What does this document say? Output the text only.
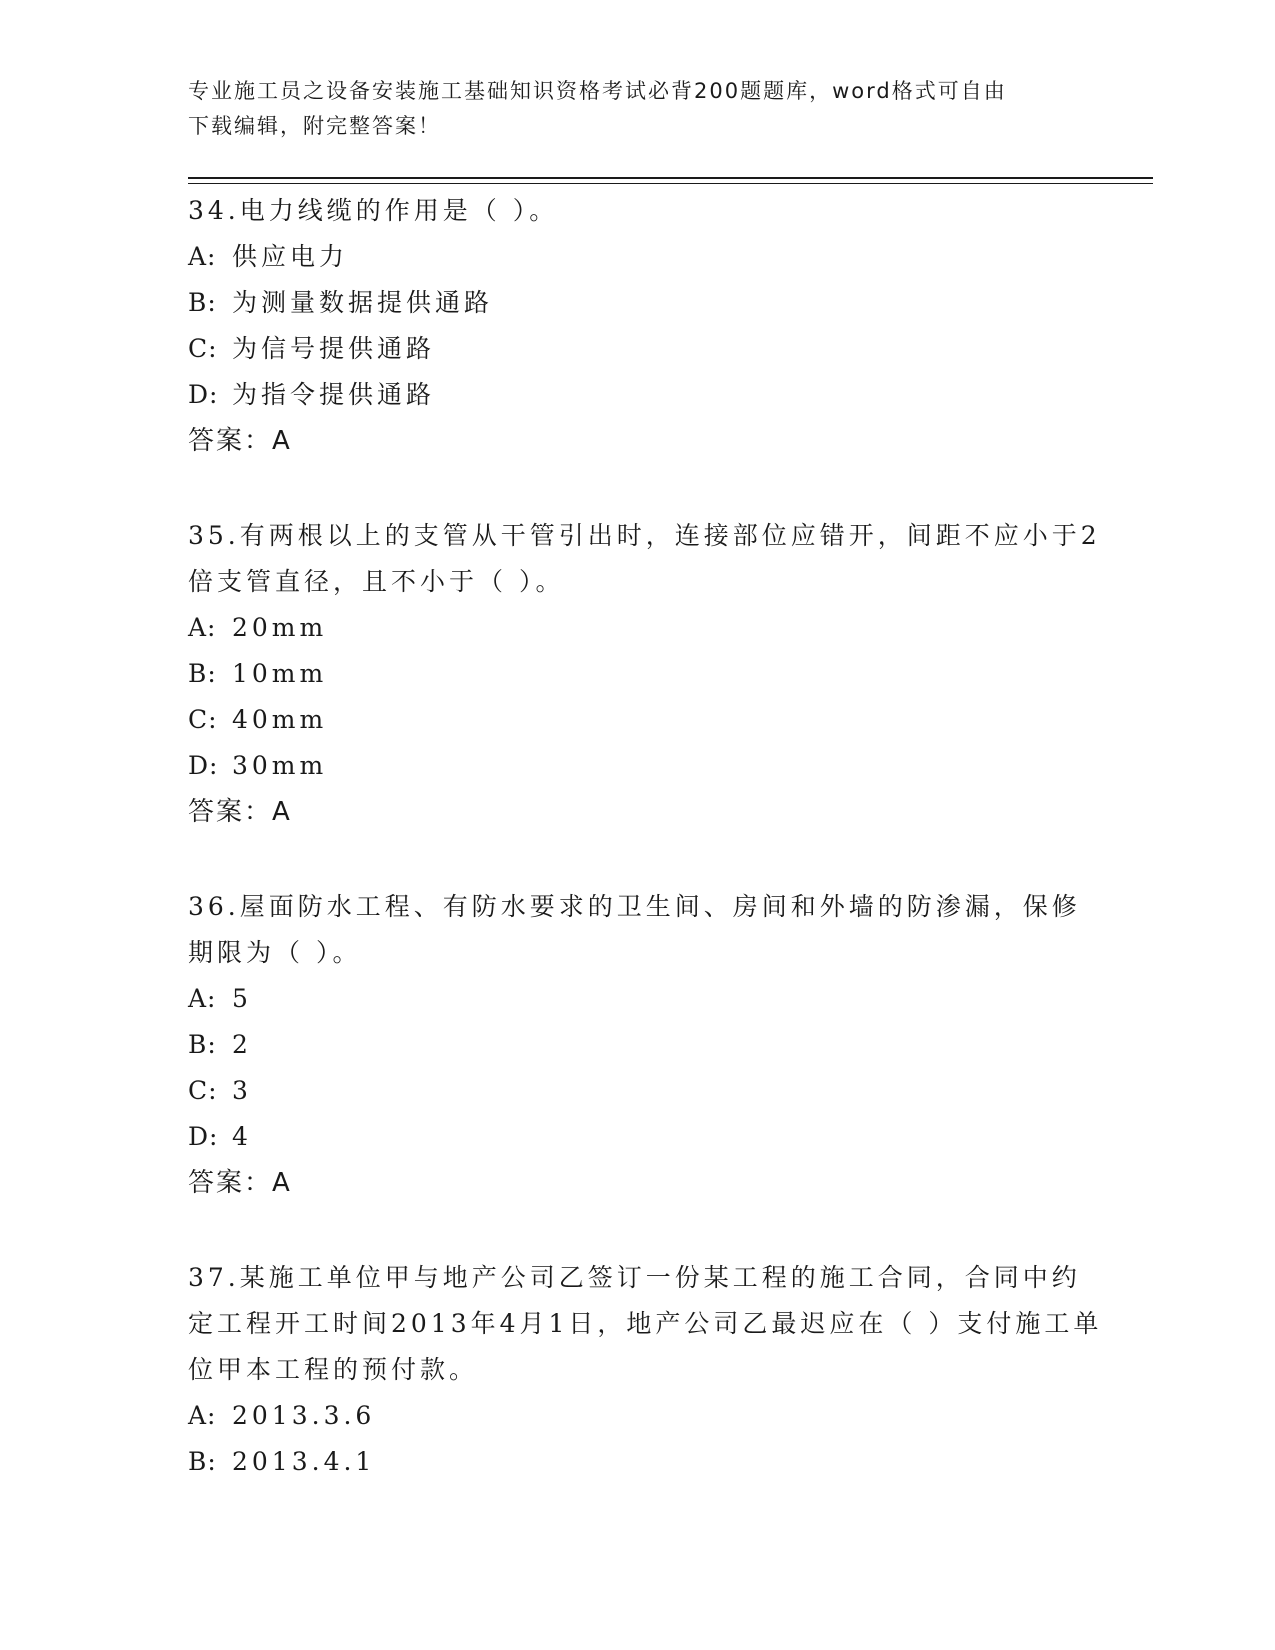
专业施工员之设备安装施工基础知识资格考试必背200题题库，word格式可自由
下载编辑，附完整答案！
34.电力线缆的作用是（ ）。
A: 供应电力
B: 为测量数据提供通路
C: 为信号提供通路
D: 为指令提供通路
答案：A
35.有两根以上的支管从干管引出时，连接部位应错开，间距不应小于2倍支管直径，且不小于（ ）。
A: 20mm
B: 10mm
C: 40mm
D: 30mm
答案：A
36.屋面防水工程、有防水要求的卫生间、房间和外墙的防渗漏，保修期限为（ ）。
A: 5
B: 2
C: 3
D: 4
答案：A
37.某施工单位甲与地产公司乙签订一份某工程的施工合同，合同中约定工程开工时间2013年4月1日，地产公司乙最迟应在（ ）支付施工单位甲本工程的预付款。
A: 2013.3.6
B: 2013.4.1
